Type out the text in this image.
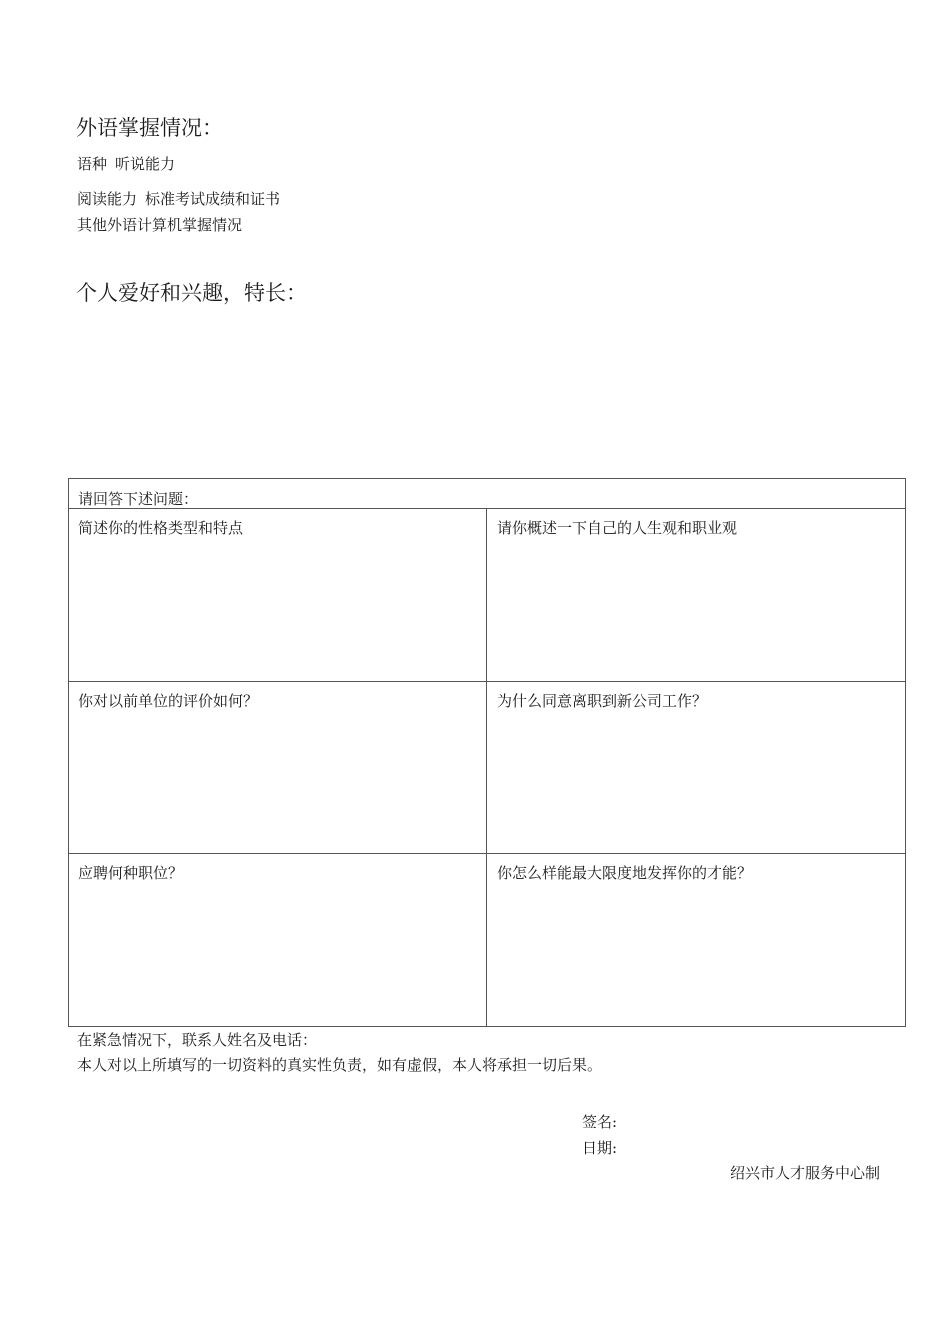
外语掌握情况：
语种 听说能力
阅读能力 标准考试成绩和证书
其他外语计算机掌握情况
个人爱好和兴趣，特长：
请回答下述问题：
简述你的性格类型和特点	请你概述一下自己的人生观和职业观
你对以前单位的评价如何？	为什么同意离职到新公司工作？
应聘何种职位？	你怎么样能最大限度地发挥你的才能？
在紧急情况下，联系人姓名及电话：
本人对以上所填写的一切资料的真实性负责，如有虚假，本人将承担一切后果。
签名:
日期:
绍兴市人才服务中心制
